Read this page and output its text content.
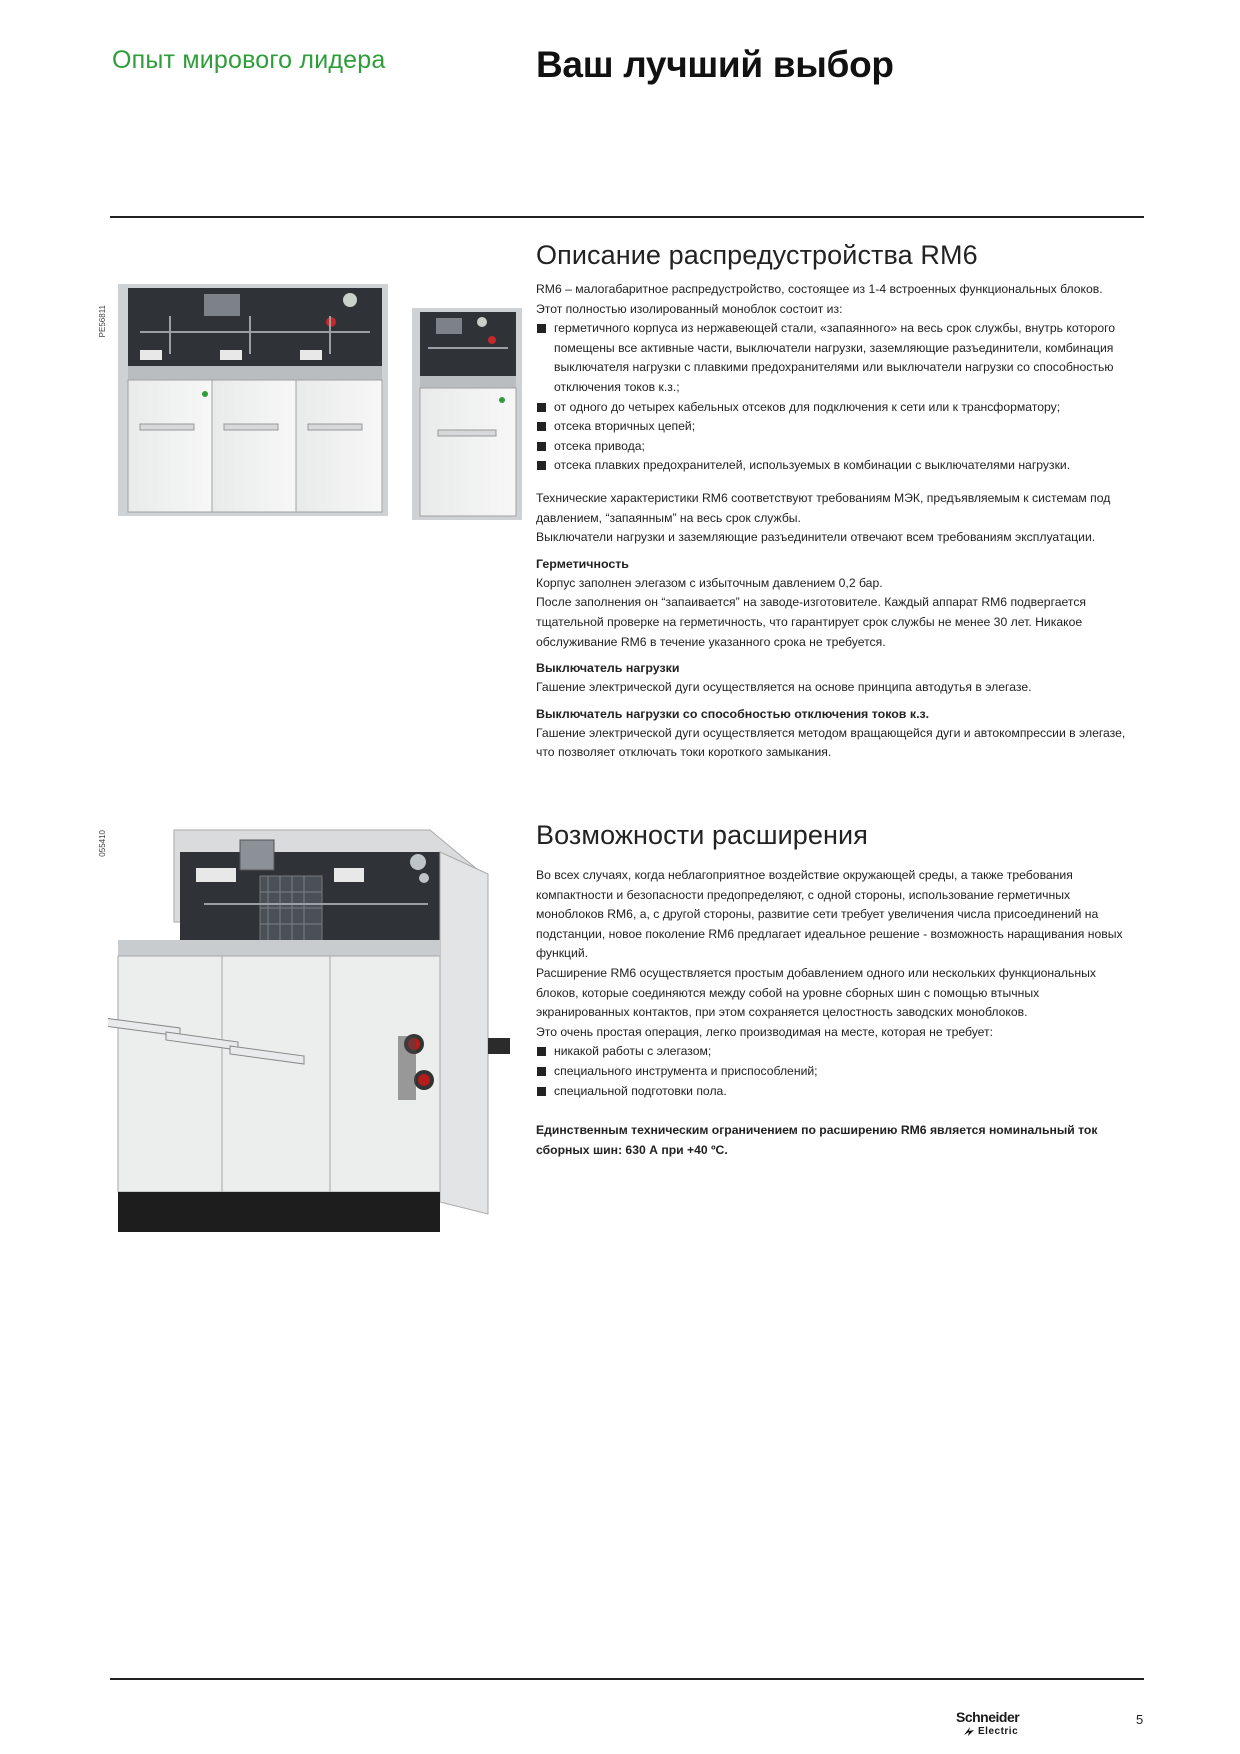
Опыт мирового лидера	Ваш лучший выбор
PE56811
Описание распредустройства RM6

RM6 – малогабаритное распредустройство, состоящее из 1-4 встроенных функциональных блоков.

Этот полностью изолированный моноблок состоит из:

герметичного корпуса из нержавеющей стали, «запаянного» на весь срок службы, внутрь которого помещены все активные части, выключатели нагрузки, заземляющие разъединители, комбинация выключателя нагрузки с плавкими предохранителями или выключатели нагрузки со способностью отключения токов к.з.;
от одного до четырех кабельных отсеков для подключения к сети или к трансформатору;
отсека вторичных цепей;
отсека привода;
отсека плавких предохранителей, используемых в комбинации с выключателями нагрузки.

Технические характеристики RM6 соответствуют требованиям МЭК, предъявляемым к системам под давлением, “запаянным” на весь срок службы.

Выключатели нагрузки и заземляющие разъединители отвечают всем требованиям эксплуатации.

Герметичность

Корпус заполнен элегазом с избыточным давлением 0,2 бар.

После заполнения он “запаивается” на заводе-изготовителе. Каждый аппарат RM6 подвергается тщательной проверке на герметичность, что гарантирует срок службы не менее 30 лет. Никакое обслуживание RM6 в течение указанного срока не требуется.

Выключатель нагрузки

Гашение электрической дуги осуществляется на основе принципа автодутья в элегазе.

Выключатель нагрузки со способностью отключения токов к.з.

Гашение электрической дуги осуществляется методом вращающейся дуги и автокомпрессии в элегазе, что позволяет отключать токи короткого замыкания.

055410	Возможности расширения

Во всех случаях, когда неблагоприятное воздействие окружающей среды, а также требования компактности и безопасности предопределяют, с одной стороны, использование герметичных моноблоков RM6, а, с другой стороны, развитие сети требует увеличения числа присоединений на подстанции, новое поколение RM6 предлагает идеальное решение - возможность наращивания новых функций.

Расширение RM6 осуществляется простым добавлением одного или нескольких функциональных блоков, которые соединяются между собой на уровне сборных шин с помощью втычных экранированных контактов, при этом сохраняется целостность заводских моноблоков.

Это очень простая операция, легко производимая на месте, которая не требует:

никакой работы с элегазом;
специального инструмента и приспособлений;
специальной подготовки пола.

Единственным техническим ограничением по расширению RM6 является номинальный ток сборных шин: 630 А при +40 ºС.

Schneider
Electric
5
